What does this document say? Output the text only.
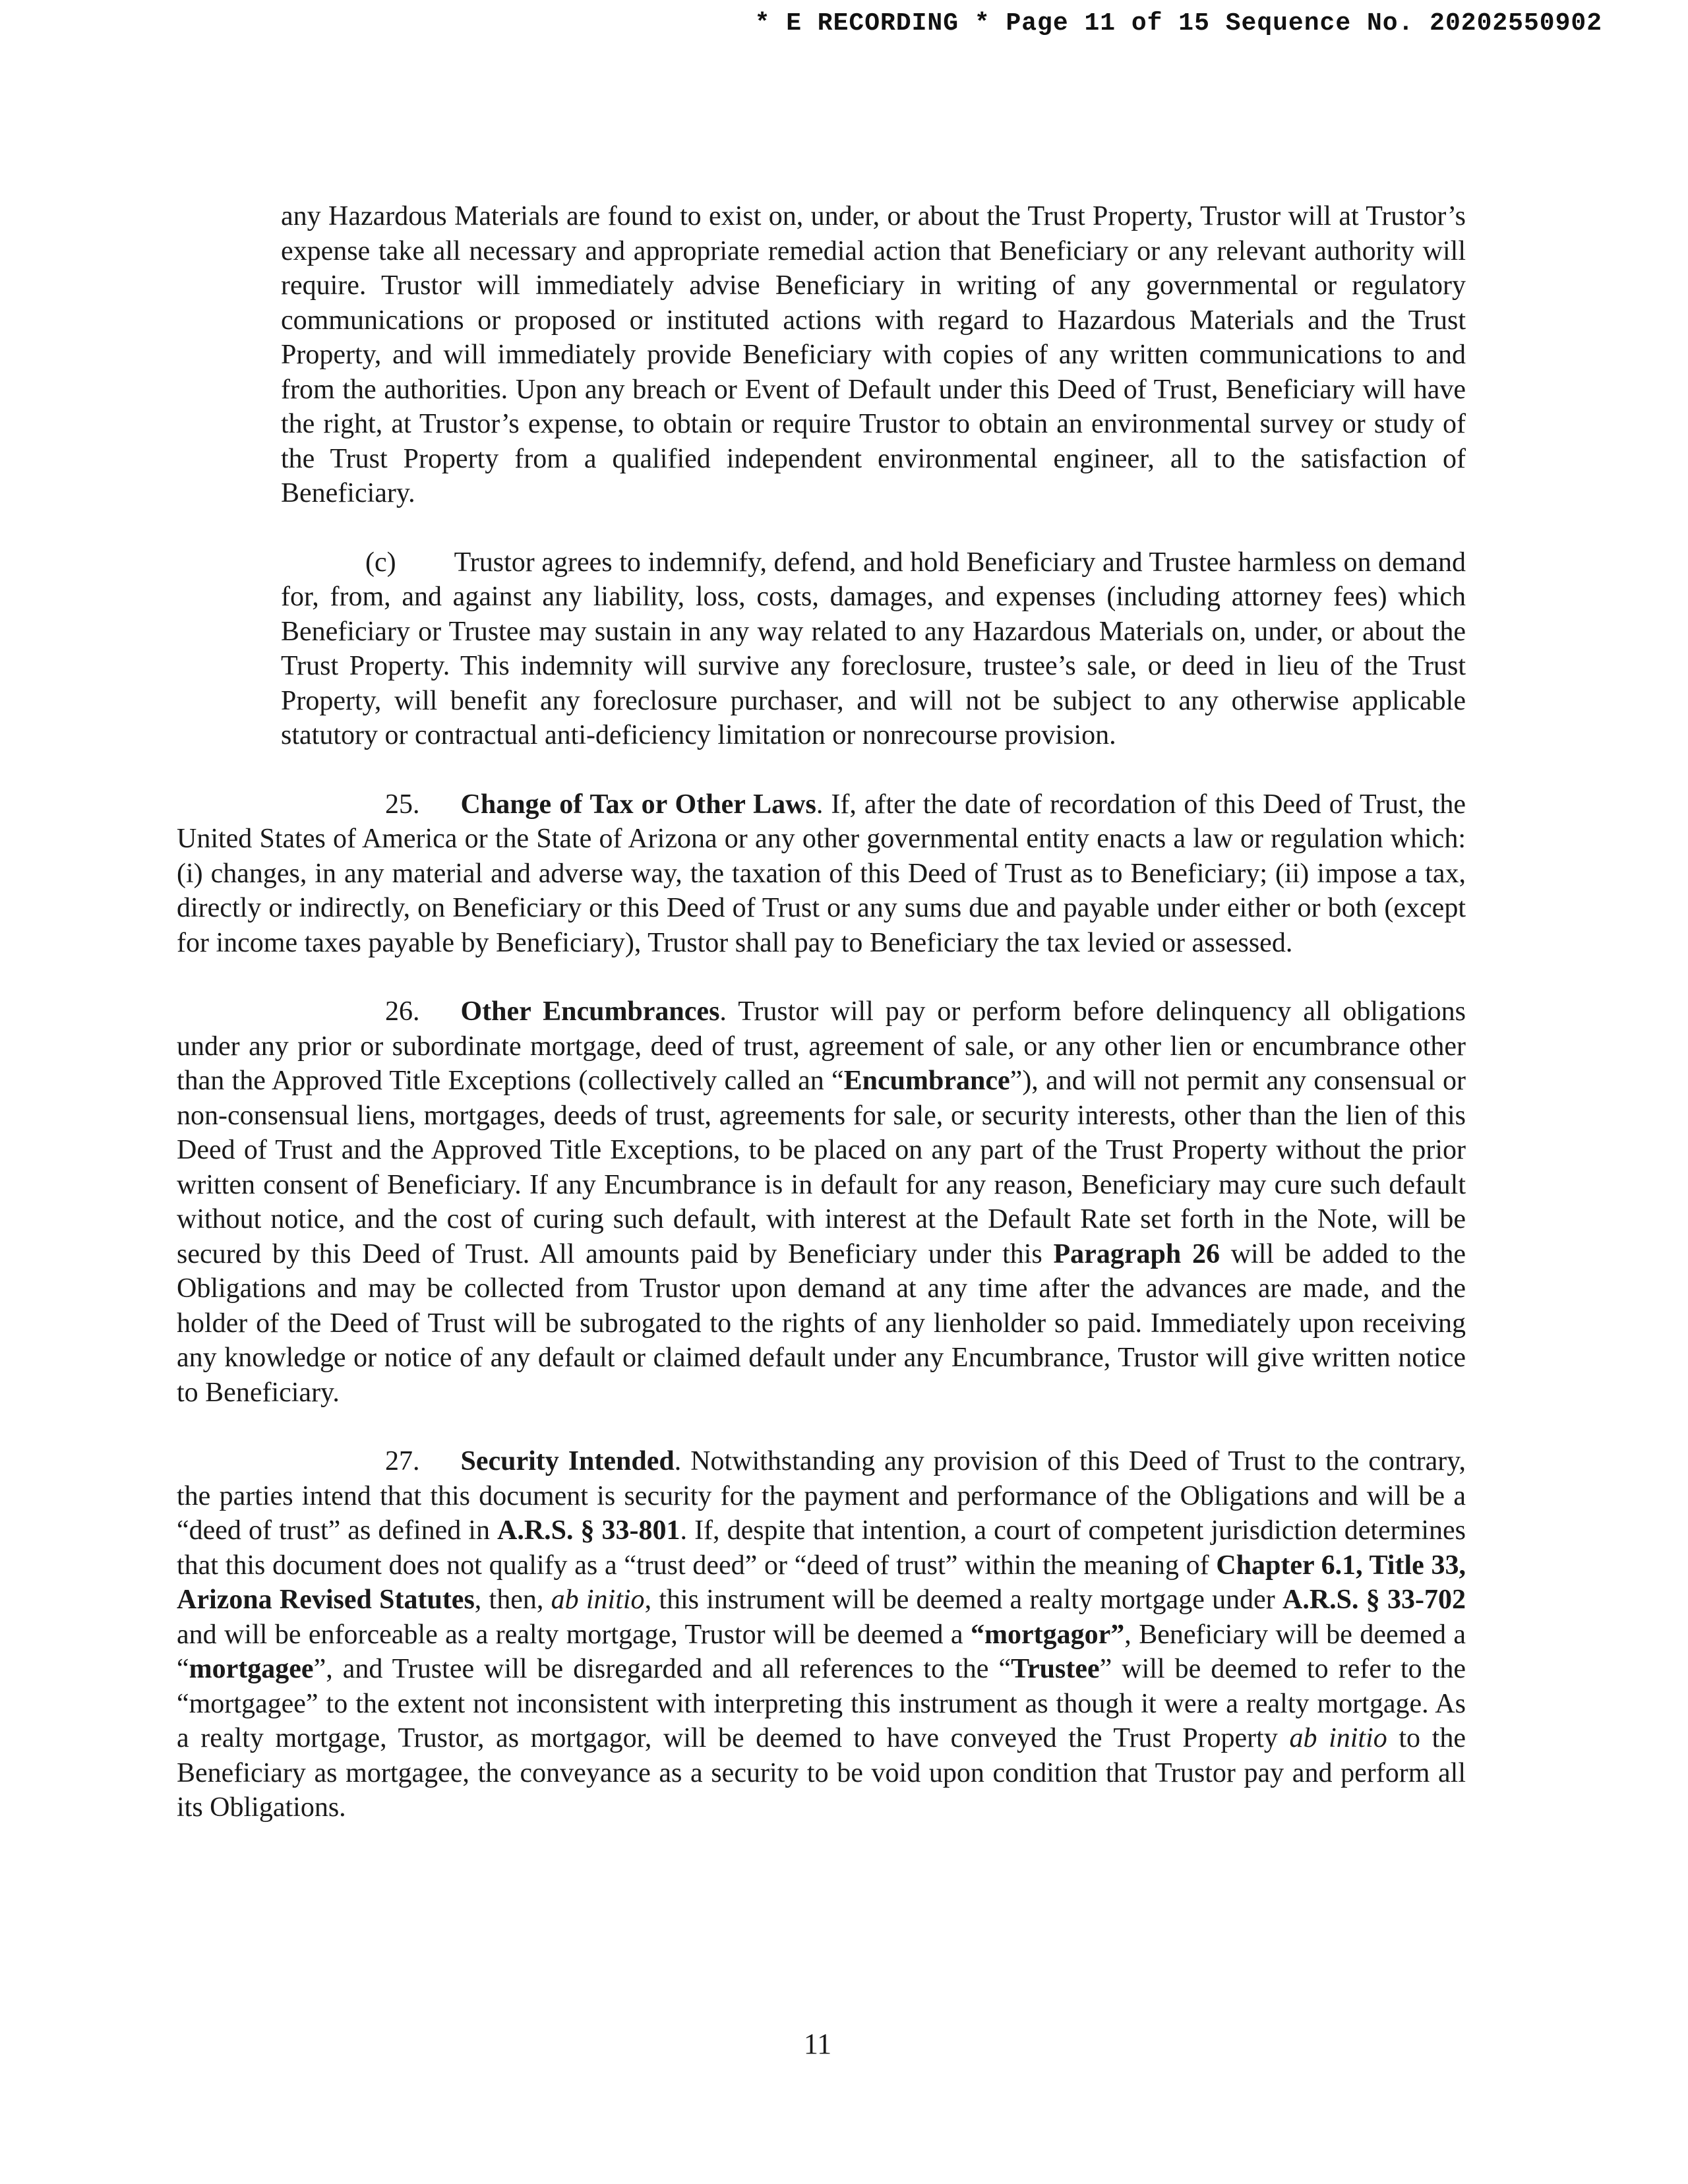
* E RECORDING * Page 11 of 15 Sequence No. 20202550902

any Hazardous Materials are found to exist on, under, or about the Trust Property, Trustor will at Trustor’s expense take all necessary and appropriate remedial action that Beneficiary or any relevant authority will require. Trustor will immediately advise Beneficiary in writing of any governmental or regulatory communications or proposed or instituted actions with regard to Hazardous Materials and the Trust Property, and will immediately provide Beneficiary with copies of any written communications to and from the authorities. Upon any breach or Event of Default under this Deed of Trust, Beneficiary will have the right, at Trustor’s expense, to obtain or require Trustor to obtain an environmental survey or study of the Trust Property from a qualified independent environmental engineer, all to the satisfaction of Beneficiary.

(c) Trustor agrees to indemnify, defend, and hold Beneficiary and Trustee harmless on demand for, from, and against any liability, loss, costs, damages, and expenses (including attorney fees) which Beneficiary or Trustee may sustain in any way related to any Hazardous Materials on, under, or about the Trust Property. This indemnity will survive any foreclosure, trustee’s sale, or deed in lieu of the Trust Property, will benefit any foreclosure purchaser, and will not be subject to any otherwise applicable statutory or contractual anti-deficiency limitation or nonrecourse provision.

25. Change of Tax or Other Laws. If, after the date of recordation of this Deed of Trust, the United States of America or the State of Arizona or any other governmental entity enacts a law or regulation which: (i) changes, in any material and adverse way, the taxation of this Deed of Trust as to Beneficiary; (ii) impose a tax, directly or indirectly, on Beneficiary or this Deed of Trust or any sums due and payable under either or both (except for income taxes payable by Beneficiary), Trustor shall pay to Beneficiary the tax levied or assessed.

26. Other Encumbrances. Trustor will pay or perform before delinquency all obligations under any prior or subordinate mortgage, deed of trust, agreement of sale, or any other lien or encumbrance other than the Approved Title Exceptions (collectively called an “Encumbrance”), and will not permit any consensual or non-consensual liens, mortgages, deeds of trust, agreements for sale, or security interests, other than the lien of this Deed of Trust and the Approved Title Exceptions, to be placed on any part of the Trust Property without the prior written consent of Beneficiary. If any Encumbrance is in default for any reason, Beneficiary may cure such default without notice, and the cost of curing such default, with interest at the Default Rate set forth in the Note, will be secured by this Deed of Trust. All amounts paid by Beneficiary under this Paragraph 26 will be added to the Obligations and may be collected from Trustor upon demand at any time after the advances are made, and the holder of the Deed of Trust will be subrogated to the rights of any lienholder so paid. Immediately upon receiving any knowledge or notice of any default or claimed default under any Encumbrance, Trustor will give written notice to Beneficiary.

27. Security Intended. Notwithstanding any provision of this Deed of Trust to the contrary, the parties intend that this document is security for the payment and performance of the Obligations and will be a “deed of trust” as defined in A.R.S. § 33-801. If, despite that intention, a court of competent jurisdiction determines that this document does not qualify as a “trust deed” or “deed of trust” within the meaning of Chapter 6.1, Title 33, Arizona Revised Statutes, then, ab initio, this instrument will be deemed a realty mortgage under A.R.S. § 33-702 and will be enforceable as a realty mortgage, Trustor will be deemed a “mortgagor”, Beneficiary will be deemed a “mortgagee”, and Trustee will be disregarded and all references to the “Trustee” will be deemed to refer to the “mortgagee” to the extent not inconsistent with interpreting this instrument as though it were a realty mortgage. As a realty mortgage, Trustor, as mortgagor, will be deemed to have conveyed the Trust Property ab initio to the Beneficiary as mortgagee, the conveyance as a security to be void upon condition that Trustor pay and perform all its Obligations.

11
